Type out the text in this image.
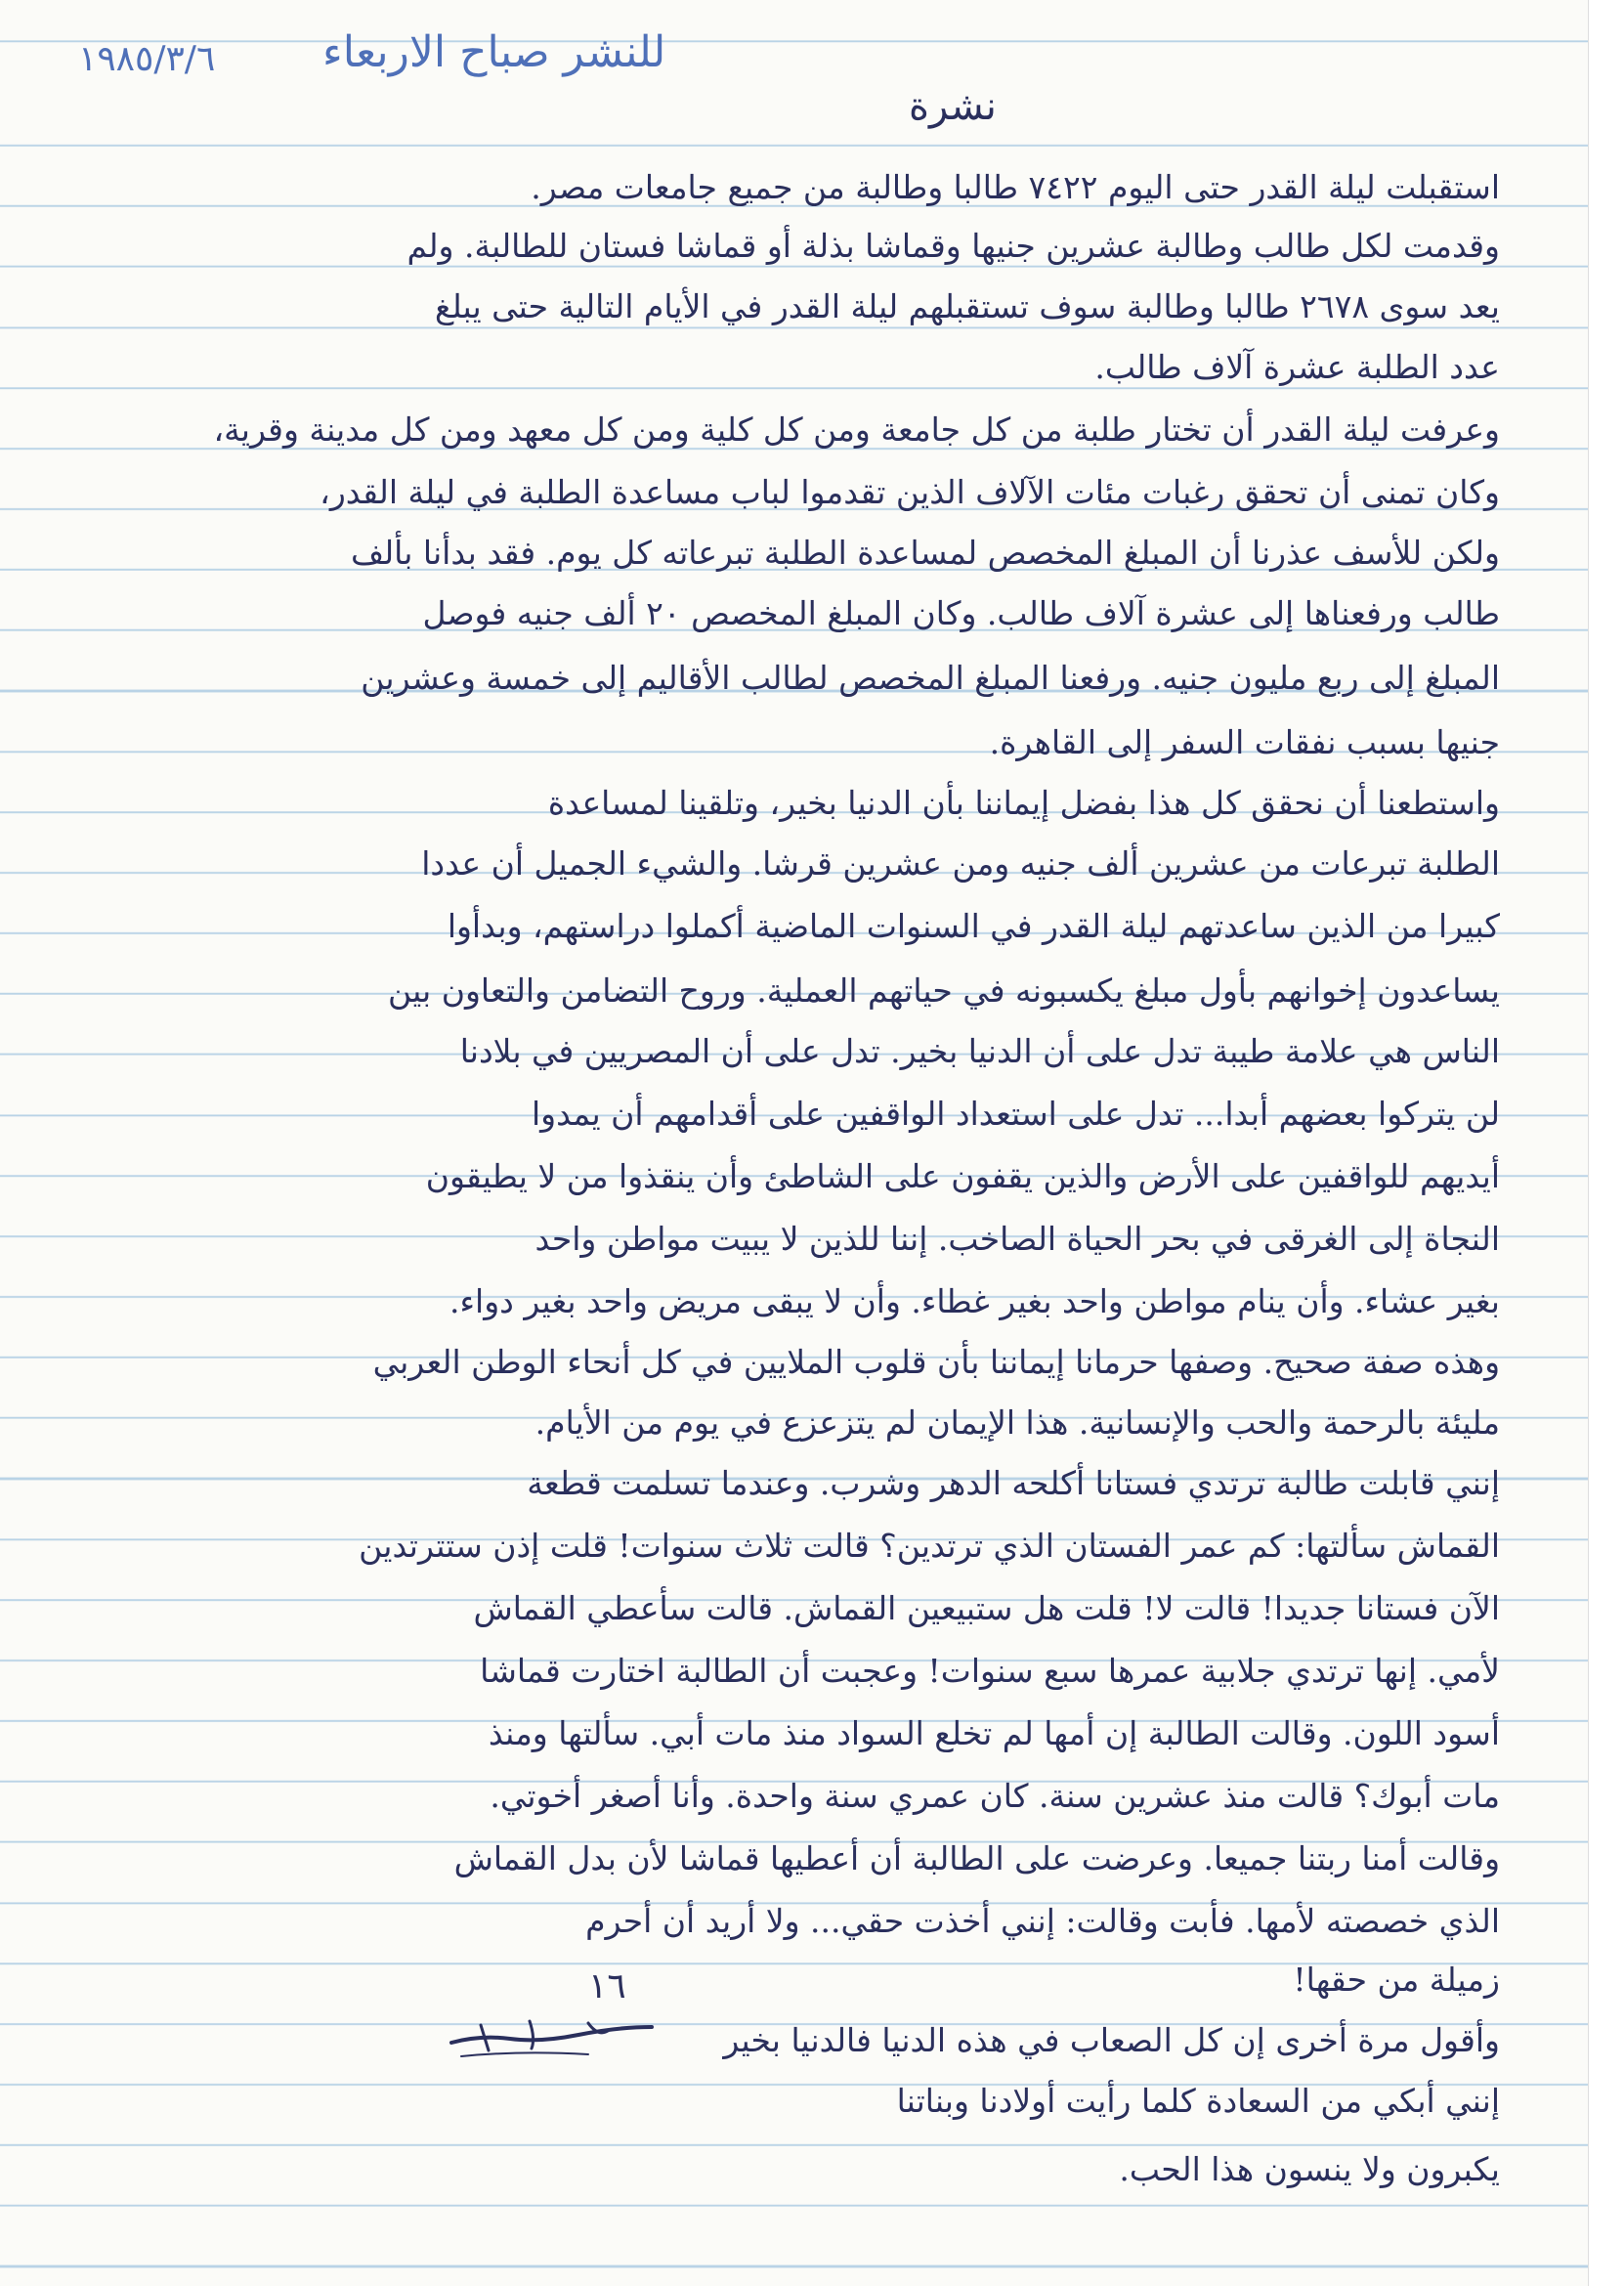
١٩٨٥/٣/٦ للنشر صباح الاربعاء
نشرة
استقبلت ليلة القدر حتى اليوم ٧٤٢٢ طالبا وطالبة من جميع جامعات مصر.
وقدمت لكل طالب وطالبة عشرين جنيها وقماشا بذلة أو قماشا فستان للطالبة. ولم
يعد سوى ٢٦٧٨ طالبا وطالبة سوف تستقبلهم ليلة القدر في الأيام التالية حتى يبلغ
عدد الطلبة عشرة آلاف طالب.
وعرفت ليلة القدر أن تختار طلبة من كل جامعة ومن كل كلية ومن كل معهد ومن كل مدينة وقرية،
وكان تمنى أن تحقق رغبات مئات الآلاف الذين تقدموا لباب مساعدة الطلبة في ليلة القدر،
ولكن للأسف عذرنا أن المبلغ المخصص لمساعدة الطلبة تبرعاته كل يوم. فقد بدأنا بألف
طالب ورفعناها إلى عشرة آلاف طالب. وكان المبلغ المخصص ٢٠ ألف جنيه فوصل
المبلغ إلى ربع مليون جنيه. ورفعنا المبلغ المخصص لطالب الأقاليم إلى خمسة وعشرين
جنيها بسبب نفقات السفر إلى القاهرة.
واستطعنا أن نحقق كل هذا بفضل إيماننا بأن الدنيا بخير، وتلقينا لمساعدة
الطلبة تبرعات من عشرين ألف جنيه ومن عشرين قرشا. والشيء الجميل أن عددا
كبيرا من الذين ساعدتهم ليلة القدر في السنوات الماضية أكملوا دراستهم، وبدأوا
يساعدون إخوانهم بأول مبلغ يكسبونه في حياتهم العملية. وروح التضامن والتعاون بين
الناس هي علامة طيبة تدل على أن الدنيا بخير. تدل على أن المصريين في بلادنا
لن يتركوا بعضهم أبدا... تدل على استعداد الواقفين على أقدامهم أن يمدوا
أيديهم للواقفين على الأرض والذين يقفون على الشاطئ وأن ينقذوا من لا يطيقون
النجاة إلى الغرقى في بحر الحياة الصاخب. إننا للذين لا يبيت مواطن واحد
بغير عشاء. وأن ينام مواطن واحد بغير غطاء. وأن لا يبقى مريض واحد بغير دواء.
وهذه صفة صحيح. وصفها حرمانا إيماننا بأن قلوب الملايين في كل أنحاء الوطن العربي
مليئة بالرحمة والحب والإنسانية. هذا الإيمان لم يتزعزع في يوم من الأيام.
إنني قابلت طالبة ترتدي فستانا أكلحه الدهر وشرب. وعندما تسلمت قطعة
القماش سألتها: كم عمر الفستان الذي ترتدين؟ قالت ثلاث سنوات! قلت إذن ستترتدين
الآن فستانا جديدا! قالت لا! قلت هل ستبيعين القماش. قالت سأعطي القماش
لأمي. إنها ترتدي جلابية عمرها سبع سنوات! وعجبت أن الطالبة اختارت قماشا
أسود اللون. وقالت الطالبة إن أمها لم تخلع السواد منذ مات أبي. سألتها ومنذ
مات أبوك؟ قالت منذ عشرين سنة. كان عمري سنة واحدة. وأنا أصغر أخوتي.
وقالت أمنا ربتنا جميعا. وعرضت على الطالبة أن أعطيها قماشا لأن بدل القماش
الذي خصصته لأمها. فأبت وقالت: إنني أخذت حقي... ولا أريد أن أحرم
زميلة من حقها!
وأقول مرة أخرى إن كل الصعاب في هذه الدنيا فالدنيا بخير
إنني أبكي من السعادة كلما رأيت أولادنا وبناتنا
يكبرون ولا ينسون هذا الحب.
١٦
